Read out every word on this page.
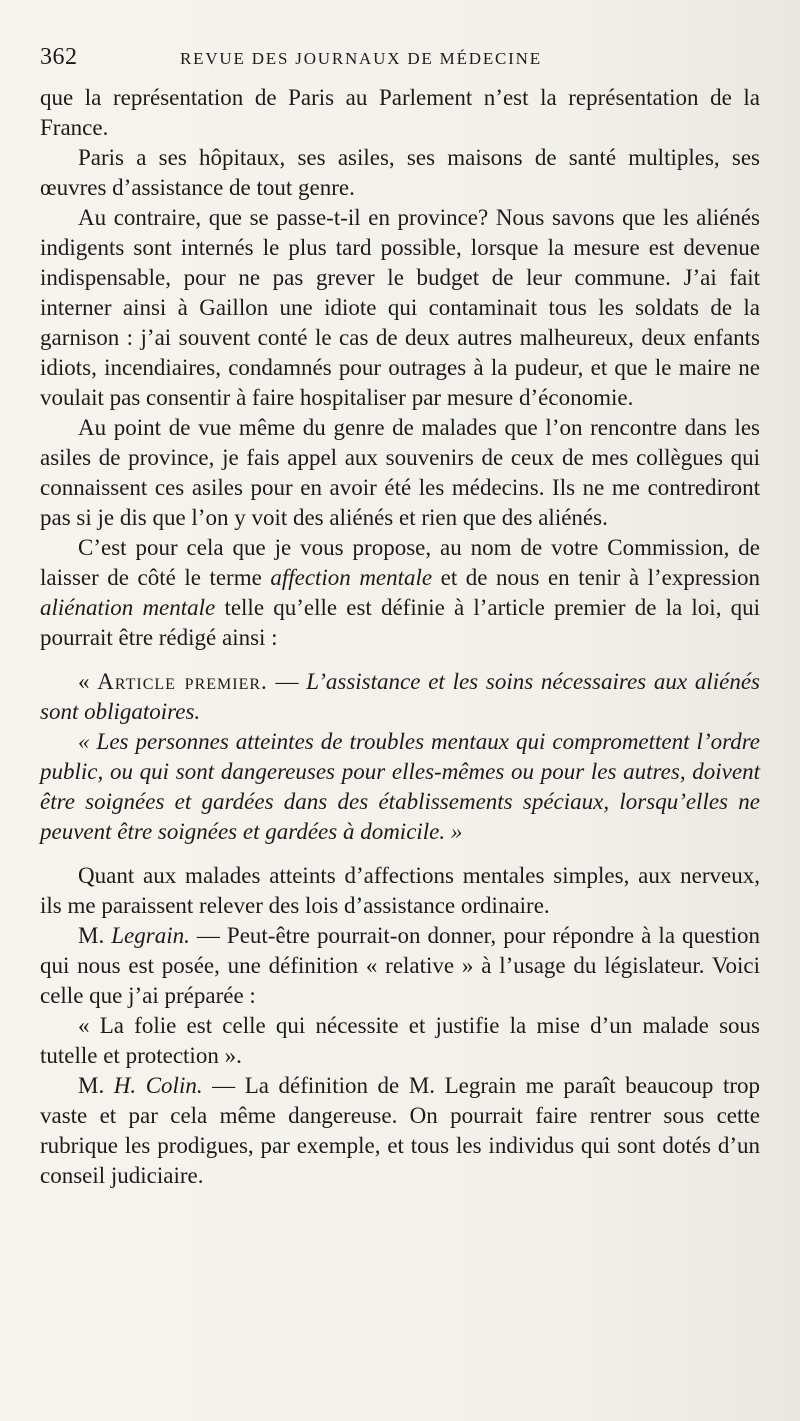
362	REVUE DES JOURNAUX DE MÉDECINE

que la représentation de Paris au Parlement n’est la représentation de la France.

Paris a ses hôpitaux, ses asiles, ses maisons de santé multiples, ses œuvres d’assistance de tout genre.

Au contraire, que se passe-t-il en province? Nous savons que les aliénés indigents sont internés le plus tard possible, lorsque la mesure est devenue indispensable, pour ne pas grever le budget de leur commune. J’ai fait interner ainsi à Gaillon une idiote qui contaminait tous les soldats de la garnison : j’ai souvent conté le cas de deux autres malheureux, deux enfants idiots, incendiaires, condamnés pour outrages à la pudeur, et que le maire ne voulait pas consentir à faire hospitaliser par mesure d’économie.

Au point de vue même du genre de malades que l’on rencontre dans les asiles de province, je fais appel aux souvenirs de ceux de mes collègues qui connaissent ces asiles pour en avoir été les médecins. Ils ne me contrediront pas si je dis que l’on y voit des aliénés et rien que des aliénés.

C’est pour cela que je vous propose, au nom de votre Commission, de laisser de côté le terme affection mentale et de nous en tenir à l’expression aliénation mentale telle qu’elle est définie à l’article premier de la loi, qui pourrait être rédigé ainsi :

« Article premier. — L’assistance et les soins nécessaires aux aliénés sont obligatoires.

« Les personnes atteintes de troubles mentaux qui compromettent l’ordre public, ou qui sont dangereuses pour elles-mêmes ou pour les autres, doivent être soignées et gardées dans des établissements spéciaux, lorsqu’elles ne peuvent être soignées et gardées à domicile. »

Quant aux malades atteints d’affections mentales simples, aux nerveux, ils me paraissent relever des lois d’assistance ordinaire.

M. Legrain. — Peut-être pourrait-on donner, pour répondre à la question qui nous est posée, une définition « relative » à l’usage du législateur. Voici celle que j’ai préparée :

« La folie est celle qui nécessite et justifie la mise d’un malade sous tutelle et protection ».

M. H. Colin. — La définition de M. Legrain me paraît beaucoup trop vaste et par cela même dangereuse. On pourrait faire rentrer sous cette rubrique les prodigues, par exemple, et tous les individus qui sont dotés d’un conseil judiciaire.
